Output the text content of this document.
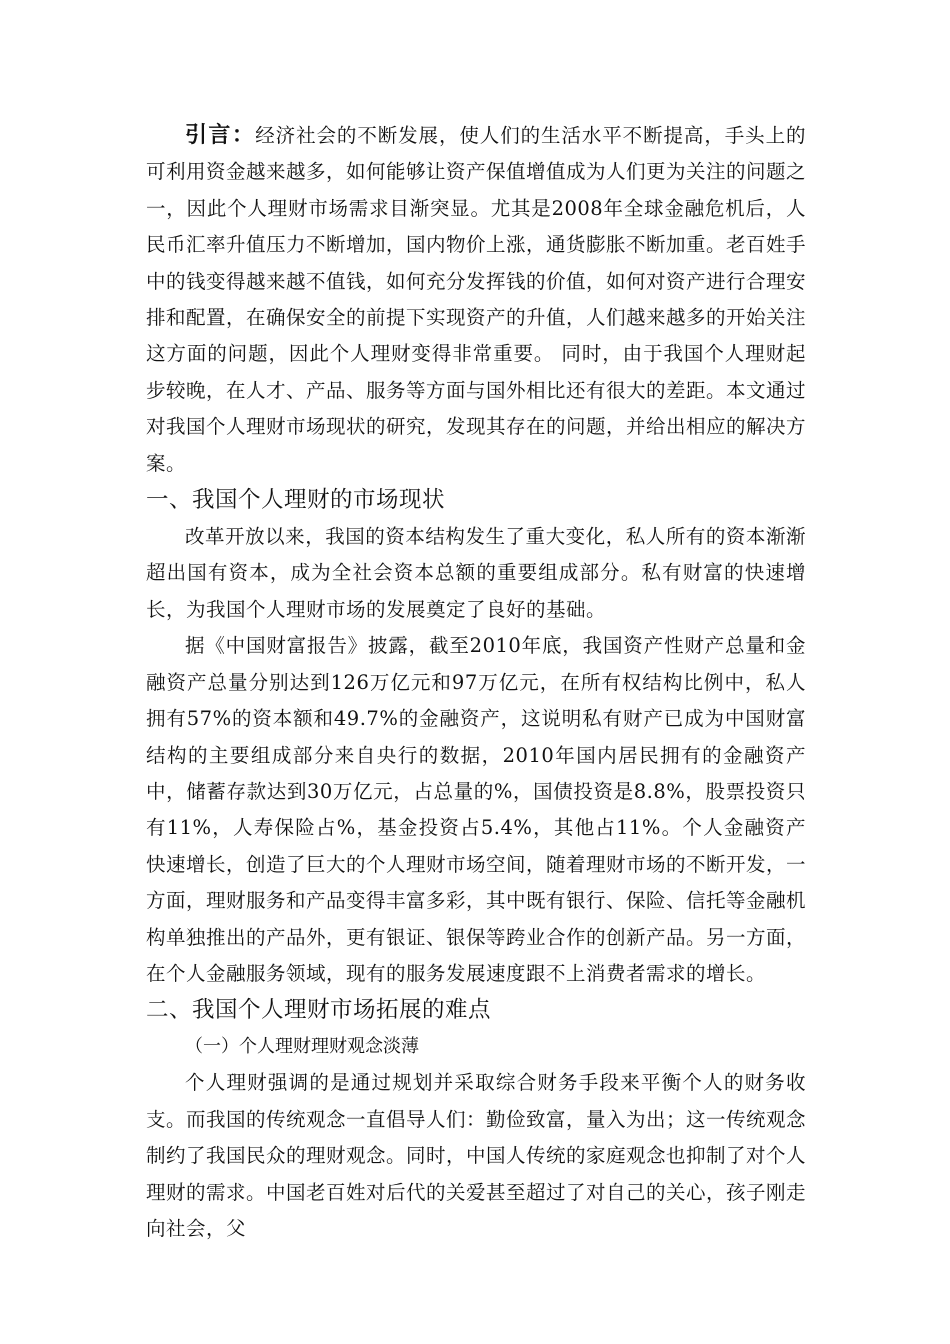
引言：经济社会的不断发展，使人们的生活水平不断提高，手头上的可利用资金越来越多，如何能够让资产保值增值成为人们更为关注的问题之一，因此个人理财市场需求目渐突显。尤其是2008年全球金融危机后，人民币汇率升值压力不断增加，国内物价上涨，通货膨胀不断加重。老百姓手中的钱变得越来越不值钱，如何充分发挥钱的价值，如何对资产进行合理安排和配置，在确保安全的前提下实现资产的升值，人们越来越多的开始关注这方面的问题，因此个人理财变得非常重要。 同时，由于我国个人理财起步较晚，在人才、产品、服务等方面与国外相比还有很大的差距。本文通过对我国个人理财市场现状的研究，发现其存在的问题，并给出相应的解决方案。

一、我国个人理财的市场现状

改革开放以来，我国的资本结构发生了重大变化，私人所有的资本渐渐超出国有资本，成为全社会资本总额的重要组成部分。私有财富的快速增长，为我国个人理财市场的发展奠定了良好的基础。

据《中国财富报告》披露，截至2010年底，我国资产性财产总量和金融资产总量分别达到126万亿元和97万亿元，在所有权结构比例中，私人拥有57%的资本额和49.7%的金融资产，这说明私有财产已成为中国财富结构的主要组成部分来自央行的数据，2010年国内居民拥有的金融资产中，储蓄存款达到30万亿元，占总量的%，国债投资是8.8%，股票投资只有11%，人寿保险占%，基金投资占5.4%，其他占11%。个人金融资产快速增长，创造了巨大的个人理财市场空间，随着理财市场的不断开发，一方面，理财服务和产品变得丰富多彩，其中既有银行、保险、信托等金融机构单独推出的产品外，更有银证、银保等跨业合作的创新产品。另一方面，在个人金融服务领域，现有的服务发展速度跟不上消费者需求的增长。

二、我国个人理财市场拓展的难点
（一）个人理财理财观念淡薄

个人理财强调的是通过规划并采取综合财务手段来平衡个人的财务收支。而我国的传统观念一直倡导人们：勤俭致富，量入为出；这一传统观念制约了我国民众的理财观念。同时，中国人传统的家庭观念也抑制了对个人理财的需求。中国老百姓对后代的关爱甚至超过了对自己的关心，孩子刚走向社会，父
